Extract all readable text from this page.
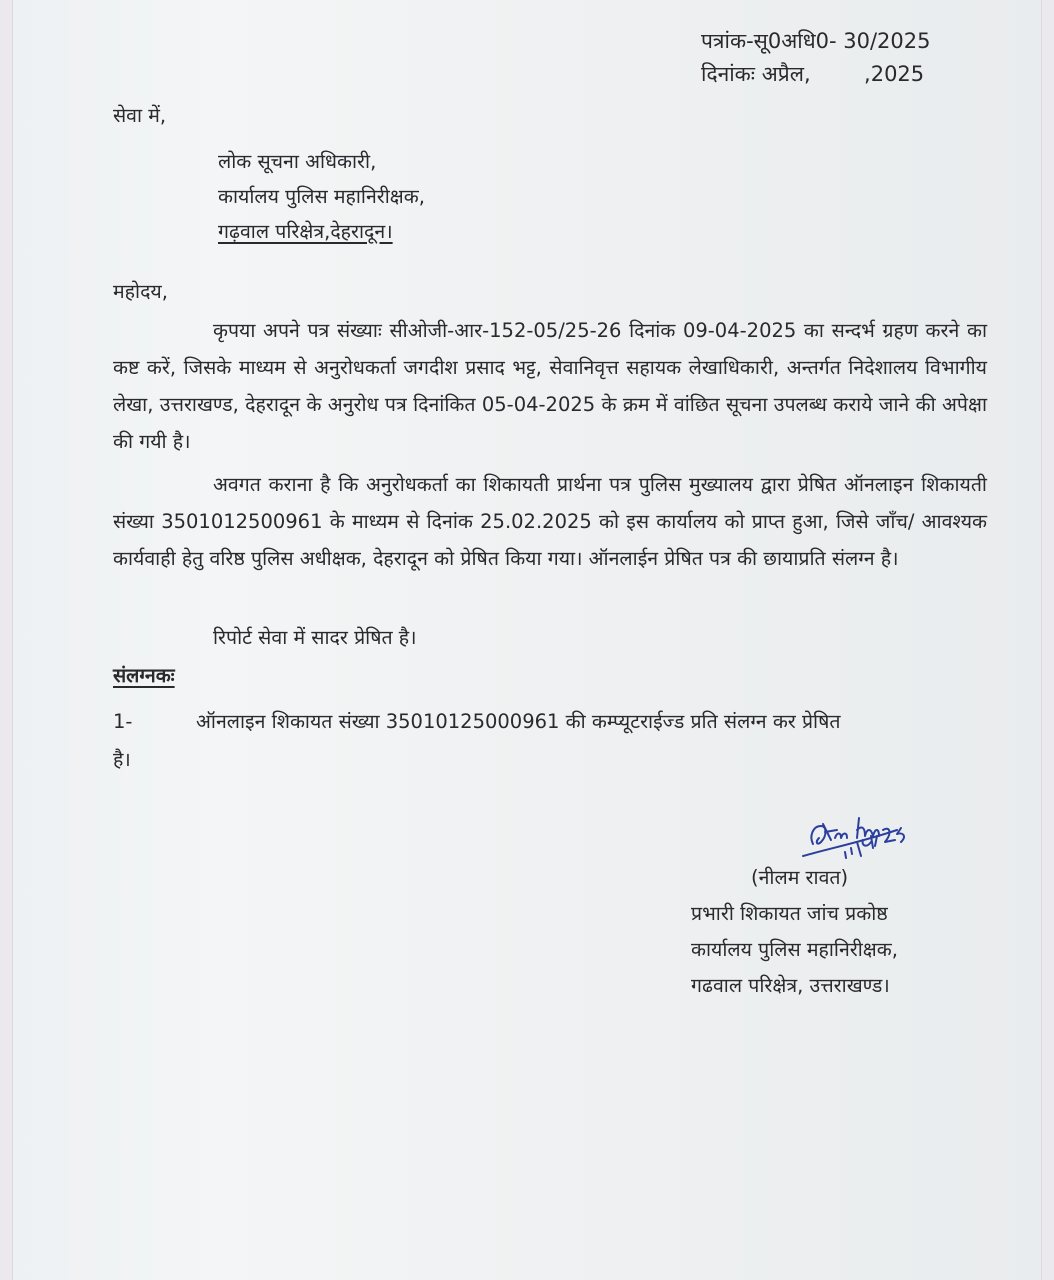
पत्रांक-सू0अधि0- 30/2025
दिनांकः अप्रैल,        ,2025
सेवा में,
लोक सूचना अधिकारी,
कार्यालय पुलिस महानिरीक्षक,
गढ़वाल परिक्षेत्र,देहरादून।
महोदय,
कृपया अपने पत्र संख्याः सीओजी-आर-152-05/25-26 दिनांक 09-04-2025 का सन्दर्भ ग्रहण करने का कष्ट करें, जिसके माध्यम से अनुरोधकर्ता जगदीश प्रसाद भट्ट, सेवानिवृत्त सहायक लेखाधिकारी, अन्तर्गत निदेशालय विभागीय लेखा, उत्तराखण्ड, देहरादून के अनुरोध पत्र दिनांकित 05-04-2025 के क्रम में वांछित सूचना उपलब्ध कराये जाने की अपेक्षा की गयी है।
अवगत कराना है कि अनुरोधकर्ता का शिकायती प्रार्थना पत्र पुलिस मुख्यालय द्वारा प्रेषित ऑनलाइन शिकायती संख्या 3501012500961 के माध्यम से दिनांक 25.02.2025 को इस कार्यालय को प्राप्त हुआ, जिसे जाँच/ आवश्यक कार्यवाही हेतु वरिष्ठ पुलिस अधीक्षक, देहरादून को प्रेषित किया गया। ऑनलाईन प्रेषित पत्र की छायाप्रति संलग्न है।
रिपोर्ट सेवा में सादर प्रेषित है।
संलग्नकः
1-	ऑनलाइन शिकायत संख्या 35010125000961 की कम्प्यूटराईज्ड प्रति संलग्न कर प्रेषित
है।
(नीलम रावत)
प्रभारी शिकायत जांच प्रकोष्ठ
कार्यालय पुलिस महानिरीक्षक,
गढवाल परिक्षेत्र, उत्तराखण्ड।
